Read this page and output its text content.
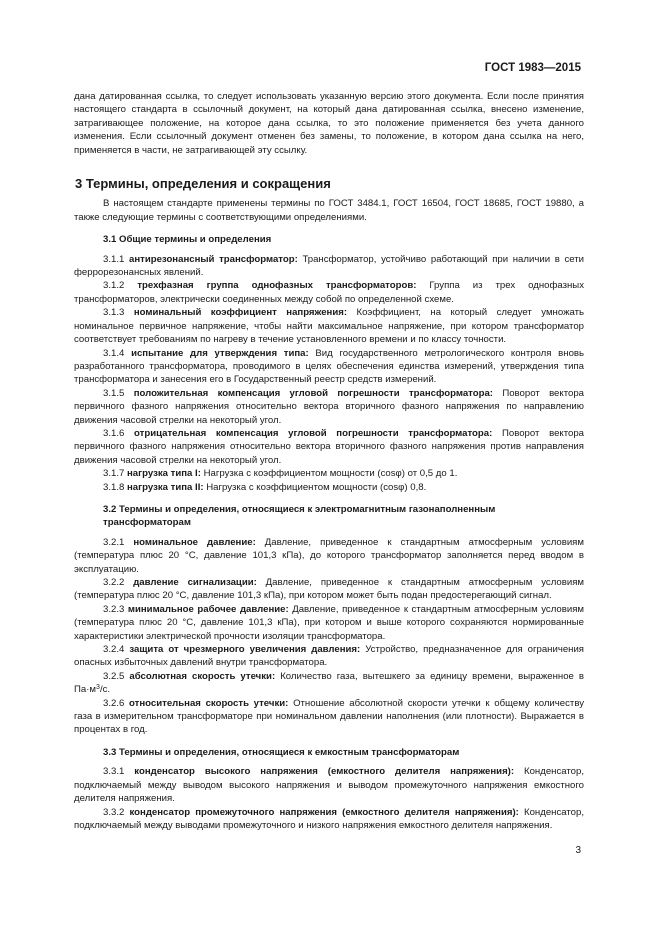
ГОСТ 1983—2015

дана датированная ссылка, то следует использовать указанную версию этого документа. Если после принятия настоящего стандарта в ссылочный документ, на который дана датированная ссылка, внесено изменение, затрагивающее положение, на которое дана ссылка, то это положение применяется без учета данного изменения. Если ссылочный документ отменен без замены, то положение, в котором дана ссылка на него, применяется в части, не затрагивающей эту ссылку.

3 Термины, определения и сокращения

В настоящем стандарте применены термины по ГОСТ 3484.1, ГОСТ 16504, ГОСТ 18685, ГОСТ 19880, а также следующие термины с соответствующими определениями.

3.1 Общие термины и определения

3.1.1 антирезонансный трансформатор: Трансформатор, устойчиво работающий при наличии в сети феррорезонансных явлений.

3.1.2 трехфазная группа однофазных трансформаторов: Группа из трех однофазных трансформаторов, электрически соединенных между собой по определенной схеме.

3.1.3 номинальный коэффициент напряжения: Коэффициент, на который следует умножать номинальное первичное напряжение, чтобы найти максимальное напряжение, при котором трансформатор соответствует требованиям по нагреву в течение установленного времени и по классу точности.

3.1.4 испытание для утверждения типа: Вид государственного метрологического контроля вновь разработанного трансформатора, проводимого в целях обеспечения единства измерений, утверждения типа трансформатора и занесения его в Государственный реестр средств измерений.

3.1.5 положительная компенсация угловой погрешности трансформатора: Поворот вектора первичного фазного напряжения относительно вектора вторичного фазного напряжения по направлению движения часовой стрелки на некоторый угол.

3.1.6 отрицательная компенсация угловой погрешности трансформатора: Поворот вектора первичного фазного напряжения относительно вектора вторичного фазного напряжения против направления движения часовой стрелки на некоторый угол.

3.1.7 нагрузка типа I: Нагрузка с коэффициентом мощности (cosφ) от 0,5 до 1.

3.1.8 нагрузка типа II: Нагрузка с коэффициентом мощности (cosφ) 0,8.

3.2 Термины и определения, относящиеся к электромагнитным газонаполненным трансформаторам

3.2.1 номинальное давление: Давление, приведенное к стандартным атмосферным условиям (температура плюс 20 °С, давление 101,3 кПа), до которого трансформатор заполняется перед вводом в эксплуатацию.

3.2.2 давление сигнализации: Давление, приведенное к стандартным атмосферным условиям (температура плюс 20 °С, давление 101,3 кПа), при котором может быть подан предостерегающий сигнал.

3.2.3 минимальное рабочее давление: Давление, приведенное к стандартным атмосферным условиям (температура плюс 20 °С, давление 101,3 кПа), при котором и выше которого сохраняются нормированные характеристики электрической прочности изоляции трансформатора.

3.2.4 защита от чрезмерного увеличения давления: Устройство, предназначенное для ограничения опасных избыточных давлений внутри трансформатора.

3.2.5 абсолютная скорость утечки: Количество газа, вытешкего за единицу времени, выраженное в $Па\cdot м^3/с$.

3.2.6 относительная скорость утечки: Отношение абсолютной скорости утечки к общему количеству газа в измерительном трансформаторе при номинальном давлении наполнения (или плотности). Выражается в процентах в год.

3.3 Термины и определения, относящиеся к емкостным трансформаторам

3.3.1 конденсатор высокого напряжения (емкостного делителя напряжения): Конденсатор, подключаемый между выводом высокого напряжения и выводом промежуточного напряжения емкостного делителя напряжения.

3.3.2 конденсатор промежуточного напряжения (емкостного делителя напряжения): Конденсатор, подключаемый между выводами промежуточного и низкого напряжения емкостного делителя напряжения.

3
